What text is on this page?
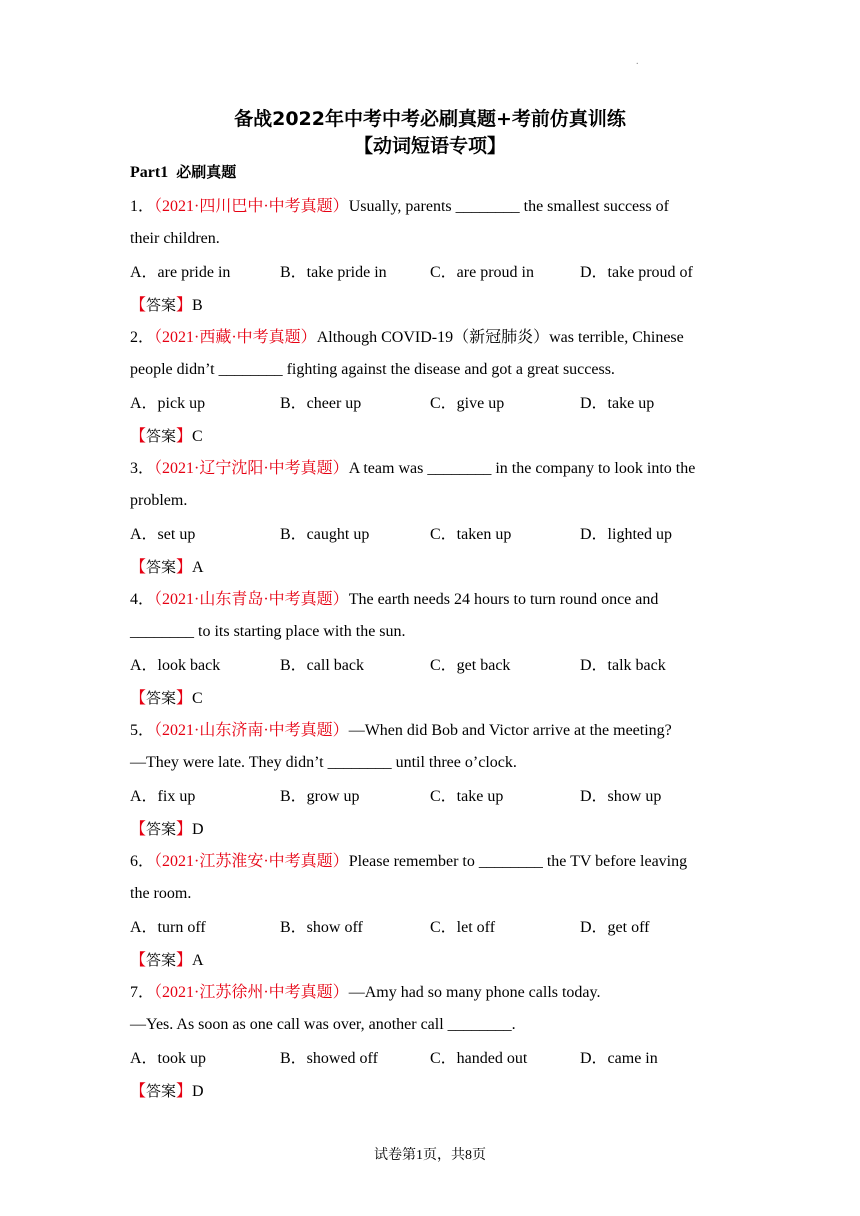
.
备战2022年中考中考必刷真题+考前仿真训练
【动词短语专项】
Part1 必刷真题
1．（2021·四川巴中·中考真题）Usually, parents ________ the smallest success of
their children.
A．are pride in	B．take pride in	C．are proud in	D．take proud of
【答案】B
2．（2021·西藏·中考真题）Although COVID-19（新冠肺炎）was terrible, Chinese
people didn’t ________ fighting against the disease and got a great success.
A．pick up	B．cheer up	C．give up	D．take up
【答案】C
3．（2021·辽宁沈阳·中考真题）A team was ________ in the company to look into the
problem.
A．set up	B．caught up	C．taken up	D．lighted up
【答案】A
4．（2021·山东青岛·中考真题）The earth needs 24 hours to turn round once and
________ to its starting place with the sun.
A．look back	B．call back	C．get back	D．talk back
【答案】C
5．（2021·山东济南·中考真题）—When did Bob and Victor arrive at the meeting?
—They were late. They didn’t ________ until three o’clock.
A．fix up	B．grow up	C．take up	D．show up
【答案】D
6．（2021·江苏淮安·中考真题）Please remember to ________ the TV before leaving
the room.
A．turn off	B．show off	C．let off	D．get off
【答案】A
7．（2021·江苏徐州·中考真题）—Amy had so many phone calls today.
—Yes. As soon as one call was over, another call ________.
A．took up	B．showed off	C．handed out	D．came in
【答案】D
试卷第1页，共8页
